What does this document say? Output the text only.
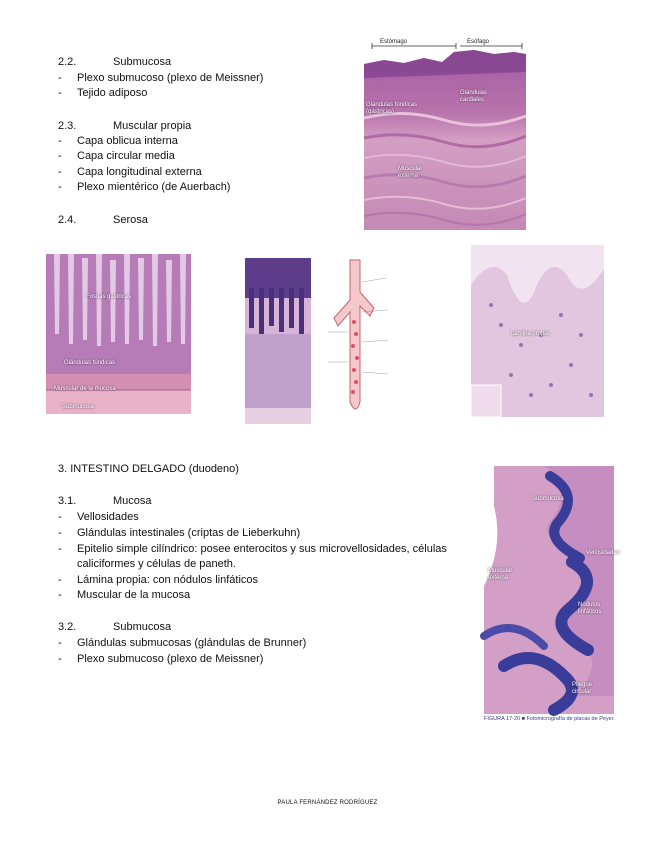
2.2.	Submucosa
- Plexo submucoso (plexo de Meissner)
- Tejido adiposo
2.3.	Muscular propia
- Capa oblicua interna
- Capa circular media
- Capa longitudinal externa
- Plexo mientérico (de Auerbach)
2.4.	Serosa
Estómago	Esófago
Glándulas fúndicas (gástricas)
Glándulas cardiales
Muscular externa
Fositas gástricas
Glándulas fúndicas
Muscular de la mucosa
Submucosa
Lámina propia
3. INTESTINO DELGADO (duodeno)
3.1.	Mucosa
- Vellosidades
- Glándulas intestinales (criptas de Lieberkuhn)
- Epitelio simple cilíndrico: posee enterocitos y sus microvellosidades, células caliciformes y células de paneth.
- Lámina propia: con nódulos linfáticos
- Muscular de la mucosa
3.2.	Submucosa
- Glándulas submucosas (glándulas de Brunner)
- Plexo submucoso (plexo de Meissner)
Submucosa
Vellosidades
Muscular externa
Nódulos linfáticos
Pliegue circular
FIGURA 17-20 ■ Fotomicrografía de placas de Peyer.
PAULA FERNÁNDEZ RODRÍGUEZ
